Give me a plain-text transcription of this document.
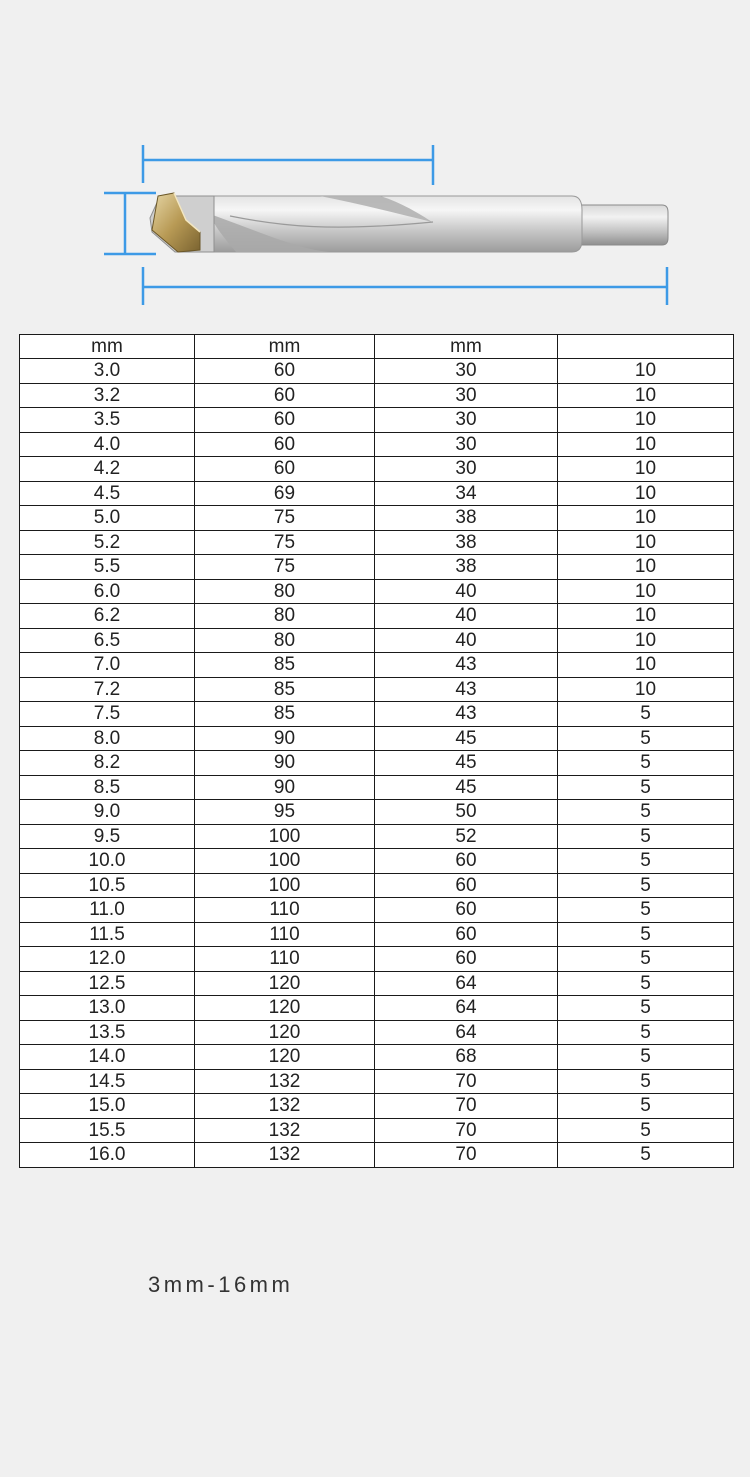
mm	mm	mm	
3.0	60	30	10
3.2	60	30	10
3.5	60	30	10
4.0	60	30	10
4.2	60	30	10
4.5	69	34	10
5.0	75	38	10
5.2	75	38	10
5.5	75	38	10
6.0	80	40	10
6.2	80	40	10
6.5	80	40	10
7.0	85	43	10
7.2	85	43	10
7.5	85	43	5
8.0	90	45	5
8.2	90	45	5
8.5	90	45	5
9.0	95	50	5
9.5	100	52	5
10.0	100	60	5
10.5	100	60	5
11.0	110	60	5
11.5	110	60	5
12.0	110	60	5
12.5	120	64	5
13.0	120	64	5
13.5	120	64	5
14.0	120	68	5
14.5	132	70	5
15.0	132	70	5
15.5	132	70	5
16.0	132	70	5
3mm-16mm
